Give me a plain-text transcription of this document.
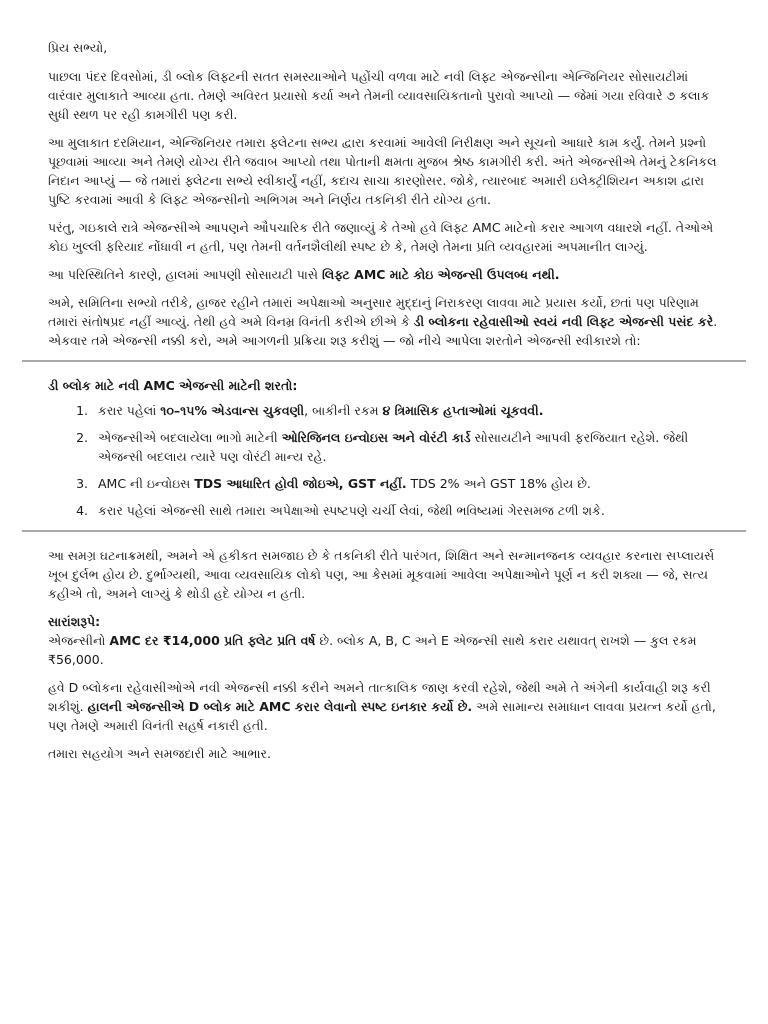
પ્રિય સભ્યો,

પાછલા પંદર દિવસોમાં, ડી બ્લોક લિફ્ટની સતત સમસ્યાઓને પહોંચી વળવા માટે નવી લિફ્ટ એજન્સીના એન્જિનિયર સોસાયટીમાં વારંવાર મુલાકાતે આવ્યા હતા. તેમણે અવિરત પ્રયાસો કર્યા અને તેમની વ્યાવસાયિકતાનો પુરાવો આપ્યો — જેમાં ગયા રવિવારે ૭ કલાક સુધી સ્થળ પર રહી કામગીરી પણ કરી.

આ મુલાકાત દરમિયાન, એન્જિનિયર તમારા ફ્લેટના સભ્ય દ્વારા કરવામાં આવેલી નિરીક્ષણ અને સૂચનો આધારે કામ કર્યું. તેમને પ્રશ્નો પૂછવામાં આવ્યા અને તેમણે યોગ્ય રીતે જવાબ આપ્યો તથા પોતાની ક્ષમતા મુજબ શ્રેષ્ઠ કામગીરી કરી. અંતે એજન્સીએ તેમનું ટેકનિકલ નિદાન આપ્યું — જે તમારાં ફ્લેટના સભ્યે સ્વીકાર્યું નહીં, કદાચ સાચા કારણોસર. જોકે, ત્યારબાદ અમારી ઇલેક્ટ્રીશિયન અકાશ દ્વારા પુષ્ટિ કરવામાં આવી કે લિફ્ટ એજન્સીનો અભિગમ અને નિર્ણય તકનિકી રીતે યોગ્ય હતા.

પરંતુ, ગઇકાલે રાત્રે એજન્સીએ આપણને ઔપચારિક રીતે જણાવ્યું કે તેઓ હવે લિફ્ટ AMC માટેનો કરાર આગળ વધારશે નહીં. તેઓએ કોઇ ખુલ્લી ફરિયાદ નોંધાવી ન હતી, પણ તેમની વર્તનશૈલીથી સ્પષ્ટ છે કે, તેમણે તેમના પ્રતિ વ્યવહારમાં અપમાનીત લાગ્યું.

આ પરિસ્થિતિને કારણે, હાલમાં આપણી સોસાયટી પાસે લિફ્ટ AMC માટે કોઇ એજન્સી ઉપલબ્ધ નથી.

અમે, સમિતિના સભ્યો તરીકે, હાજર રહીને તમારાં અપેક્ષાઓ અનુસાર મુદ્દાનું નિરાકરણ લાવવા માટે પ્રયાસ કર્યો, છતાં પણ પરિણામ તમારાં સંતોષપ્રદ નહીં આવ્યું. તેથી હવે અમે વિનમ્ર વિનંતી કરીએ છીએ કે ડી બ્લોકના રહેવાસીઓ સ્વયં નવી લિફ્ટ એજન્સી પસંદ કરે. એકવાર તમે એજન્સી નક્કી કરો, અમે આગળની પ્રક્રિયા શરૂ કરીશું — જો નીચે આપેલા શરતોને એજન્સી સ્વીકારશે તો:

ડી બ્લોક માટે નવી AMC એજન્સી માટેની શરતો:
1. કરાર પહેલાં ૧૦–૧૫% એડવાન્સ ચુકવણી, બાકીની રકમ ૪ ત્રિમાસિક હપ્તાઓમાં ચૂકવવી.
2. એજન્સીએ બદલાયેલા ભાગો માટેની ઓરિજિનલ ઇન્વોઇસ અને વોરંટી કાર્ડ સોસાયટીને આપવી ફરજિયાત રહેશે. જેથી એજન્સી બદલાય ત્યારે પણ વોરંટી માન્ય રહે.
3. AMC ની ઇન્વોઇસ TDS આધારિત હોવી જોઇએ, GST નહીં. TDS 2% અને GST 18% હોય છે.
4. કરાર પહેલાં એજન્સી સાથે તમારા અપેક્ષાઓ સ્પષ્ટપણે ચર્ચી લેવાં, જેથી ભવિષ્યમાં ગેરસમજ ટળી શકે.

આ સમગ્ર ઘટનાક્રમથી, અમને એ હકીકત સમજાઇ છે કે તકનિકી રીતે પારંગત, શિક્ષિત અને સન્માનજનક વ્યવહાર કરનારા સપ્લાયર્સ ખૂબ દુર્લભ હોય છે. દુર્ભાગ્યથી, આવા વ્યવસાયિક લોકો પણ, આ કેસમાં મૂકવામાં આવેલા અપેક્ષાઓને પૂર્ણ ન કરી શક્યા — જે, સત્ય કહીએ તો, અમને લાગ્યું કે થોડી હદે યોગ્ય ન હતી.

સારાંશરૂપે:

એજન્સીનો AMC દર ₹14,000 પ્રતિ ફ્લેટ પ્રતિ વર્ષ છે. બ્લોક A, B, C અને E એજન્સી સાથે કરાર યથાવત્ રાખશે — કુલ રકમ ₹56,000.

હવે D બ્લોકના રહેવાસીઓએ નવી એજન્સી નક્કી કરીને અમને તાત્કાલિક જાણ કરવી રહેશે, જેથી અમે તે અંગેની કાર્યવાહી શરૂ કરી શકીશું. હાલની એજન્સીએ D બ્લોક માટે AMC કરાર લેવાનો સ્પષ્ટ ઇનકાર કર્યો છે. અમે સામાન્ય સમાધાન લાવવા પ્રયત્ન કર્યો હતો, પણ તેમણે અમારી વિનંતી સહર્ષ નકારી હતી.

તમારા સહયોગ અને સમજદારી માટે આભાર.
